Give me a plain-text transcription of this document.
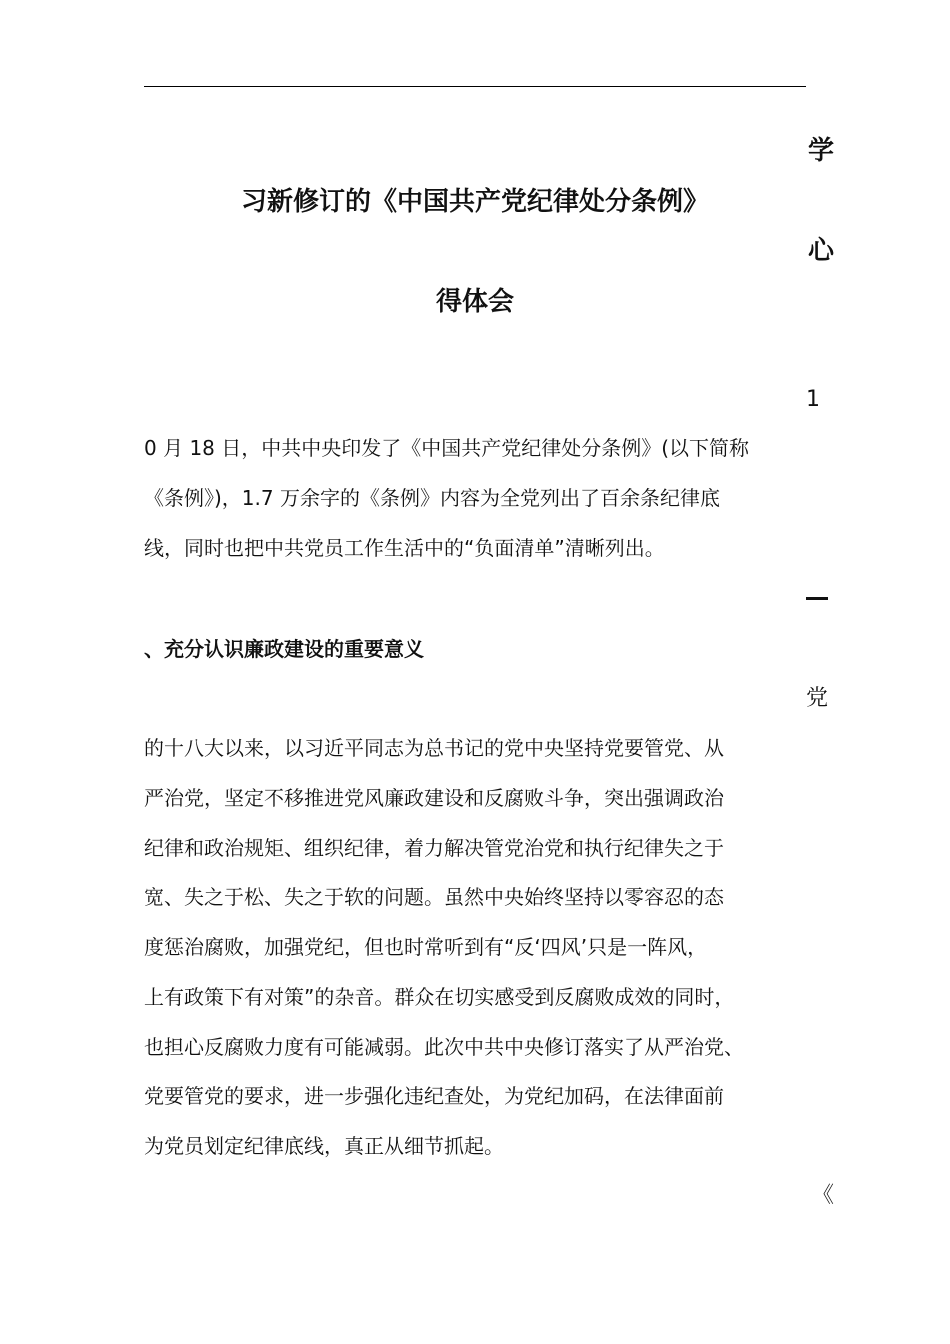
学
习新修订的《中国共产党纪律处分条例》
心
得体会
1
0 月 18 日，中共中央印发了《中国共产党纪律处分条例》(以下简称
《条例》)，1.7 万余字的《条例》内容为全党列出了百余条纪律底
线，同时也把中共党员工作生活中的“负面清单”清晰列出。
、充分认识廉政建设的重要意义
党
的十八大以来，以习近平同志为总书记的党中央坚持党要管党、从
严治党，坚定不移推进党风廉政建设和反腐败斗争，突出强调政治
纪律和政治规矩、组织纪律，着力解决管党治党和执行纪律失之于
宽、失之于松、失之于软的问题。虽然中央始终坚持以零容忍的态
度惩治腐败，加强党纪，但也时常听到有“反‘四风’只是一阵风，
上有政策下有对策”的杂音。群众在切实感受到反腐败成效的同时，
也担心反腐败力度有可能减弱。此次中共中央修订落实了从严治党、
党要管党的要求，进一步强化违纪查处，为党纪加码，在法律面前
为党员划定纪律底线，真正从细节抓起。
《
